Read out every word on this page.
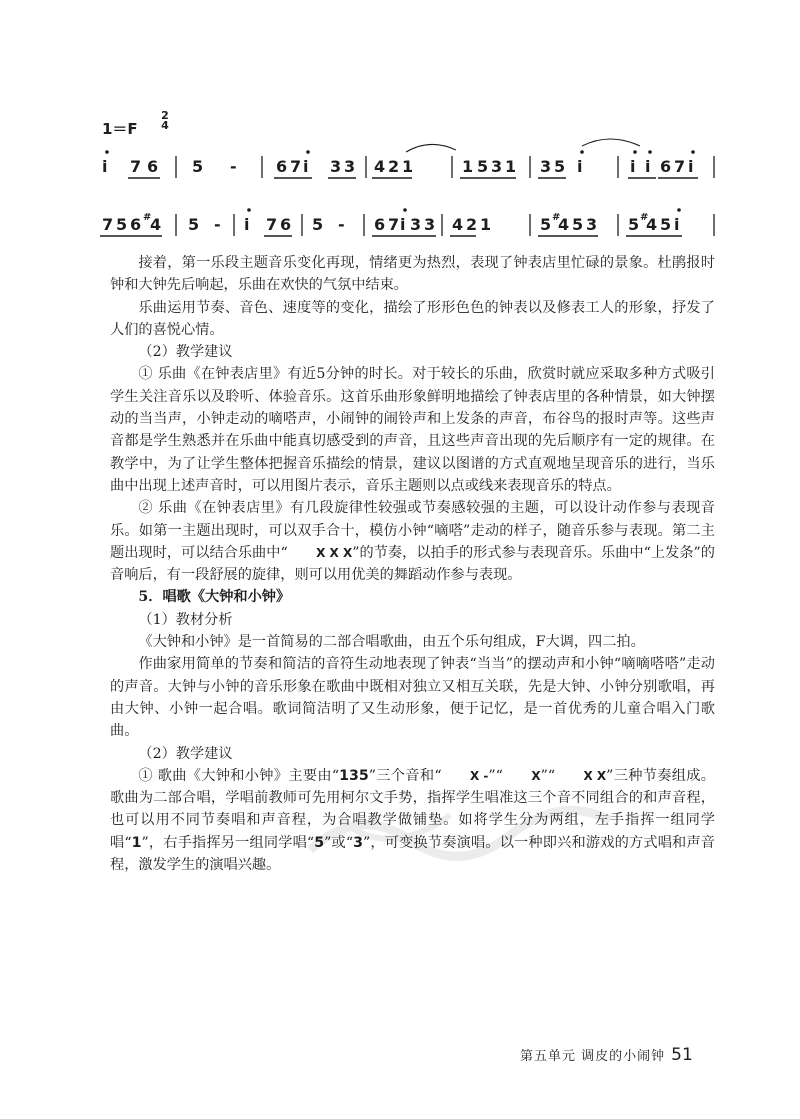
1＝F
2
4
i 7 6 5 - 6 7 i 3 3 4 2 1	1 5 3 1 3 5 i	i i 6 7 i
7 5 6 #
4 5 - i 7 6 5 - 6 7 i 3 3 4 2 1	5 #
4 5 3 5 #
4 5 i

接着，第一乐段主题音乐变化再现，情绪更为热烈，表现了钟表店里忙碌的景象。杜鹃报时钟和大钟先后响起，乐曲在欢快的气氛中结束。

乐曲运用节奏、音色、速度等的变化，描绘了形形色色的钟表以及修表工人的形象，抒发了人们的喜悦心情。

（2）教学建议

① 乐曲《在钟表店里》有近5分钟的时长。对于较长的乐曲，欣赏时就应采取多种方式吸引学生关注音乐以及聆听、体验音乐。这首乐曲形象鲜明地描绘了钟表店里的各种情景，如大钟摆动的当当声，小钟走动的嘀嗒声，小闹钟的闹铃声和上发条的声音，布谷鸟的报时声等。这些声音都是学生熟悉并在乐曲中能真切感受到的声音，且这些声音出现的先后顺序有一定的规律。在教学中，为了让学生整体把握音乐描绘的情景，建议以图谱的方式直观地呈现音乐的进行，当乐曲中出现上述声音时，可以用图片表示，音乐主题则以点或线来表现音乐的特点。

② 乐曲《在钟表店里》有几段旋律性较强或节奏感较强的主题，可以设计动作参与表现音乐。如第一主题出现时，可以双手合十，模仿小钟“嘀嗒”走动的样子，随音乐参与表现。第二主题出现时，可以结合乐曲中“ X X X”的节奏，以拍手的形式参与表现音乐。乐曲中“上发条”的音响后，有一段舒展的旋律，则可以用优美的舞蹈动作参与表现。

5．唱歌《大钟和小钟》

（1）教材分析

《大钟和小钟》是一首简易的二部合唱歌曲，由五个乐句组成，F大调，四二拍。

作曲家用简单的节奏和简洁的音符生动地表现了钟表“当当”的摆动声和小钟“嘀嘀嗒嗒”走动的声音。大钟与小钟的音乐形象在歌曲中既相对独立又相互关联，先是大钟、小钟分别歌唱，再由大钟、小钟一起合唱。歌词简洁明了又生动形象，便于记忆，是一首优秀的儿童合唱入门歌曲。

（2）教学建议

① 歌曲《大钟和小钟》主要由“135”三个音和“ X -”“ X”“ X X”三种节奏组成。歌曲为二部合唱，学唱前教师可先用柯尔文手势，指挥学生唱准这三个音不同组合的和声音程，也可以用不同节奏唱和声音程，为合唱教学做铺垫。如将学生分为两组，左手指挥一组同学唱“1”，右手指挥另一组同学唱“5”或“3”，可变换节奏演唱。以一种即兴和游戏的方式唱和声音程，激发学生的演唱兴趣。

第五单元 调皮的小闹钟 51
